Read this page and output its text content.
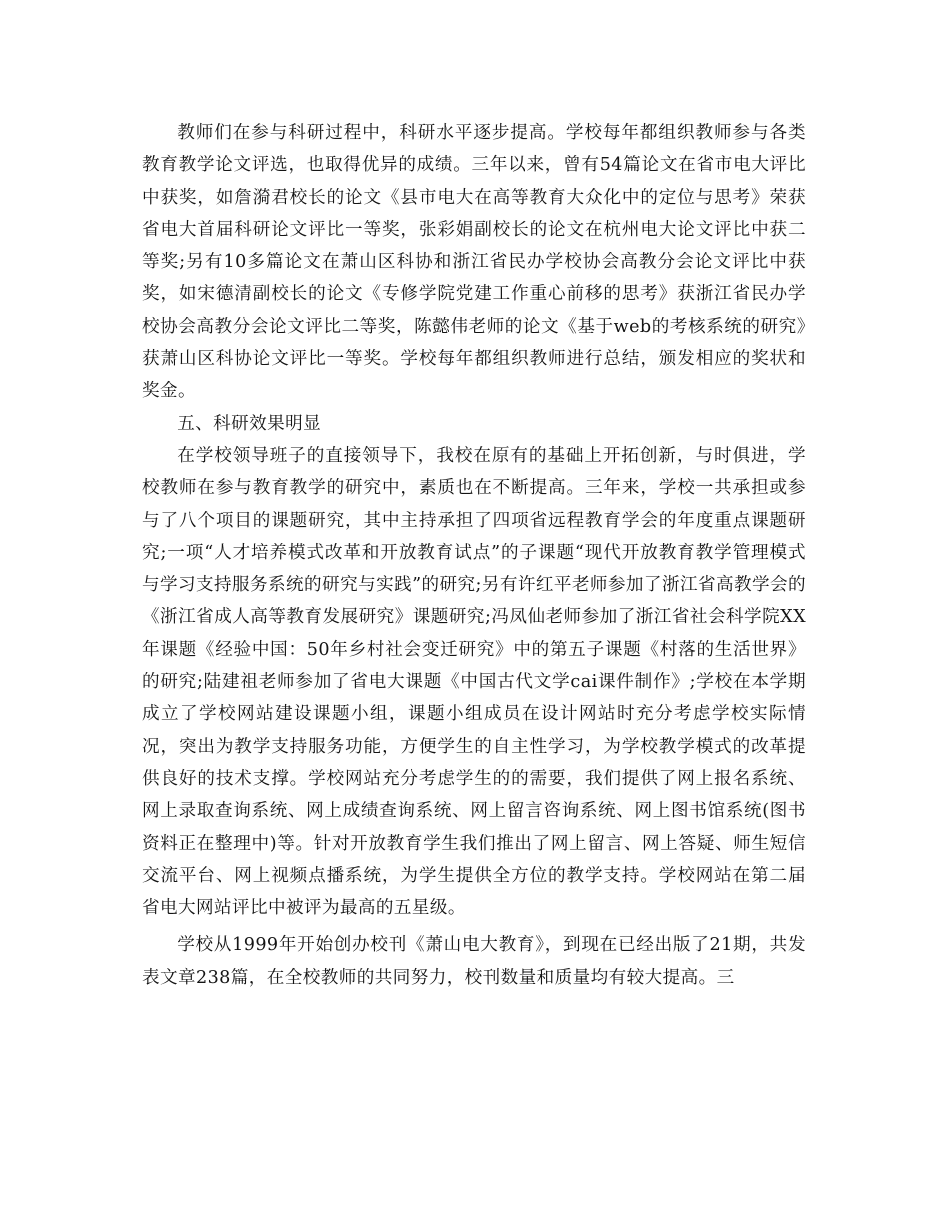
教师们在参与科研过程中，科研水平逐步提高。学校每年都组织教师参与各类教育教学论文评选，也取得优异的成绩。三年以来，曾有54篇论文在省市电大评比中获奖，如詹漪君校长的论文《县市电大在高等教育大众化中的定位与思考》荣获省电大首届科研论文评比一等奖，张彩娟副校长的论文在杭州电大论文评比中获二等奖;另有10多篇论文在萧山区科协和浙江省民办学校协会高教分会论文评比中获奖，如宋德清副校长的论文《专修学院党建工作重心前移的思考》获浙江省民办学校协会高教分会论文评比二等奖，陈懿伟老师的论文《基于web的考核系统的研究》获萧山区科协论文评比一等奖。学校每年都组织教师进行总结，颁发相应的奖状和奖金。

五、科研效果明显

在学校领导班子的直接领导下，我校在原有的基础上开拓创新，与时俱进，学校教师在参与教育教学的研究中，素质也在不断提高。三年来，学校一共承担或参与了八个项目的课题研究，其中主持承担了四项省远程教育学会的年度重点课题研究;一项“人才培养模式改革和开放教育试点”的子课题“现代开放教育教学管理模式与学习支持服务系统的研究与实践”的研究;另有许红平老师参加了浙江省高教学会的《浙江省成人高等教育发展研究》课题研究;冯凤仙老师参加了浙江省社会科学院XX年课题《经验中国：50年乡村社会变迁研究》中的第五子课题《村落的生活世界》的研究;陆建祖老师参加了省电大课题《中国古代文学cai课件制作》;学校在本学期成立了学校网站建设课题小组，课题小组成员在设计网站时充分考虑学校实际情况，突出为教学支持服务功能，方便学生的自主性学习，为学校教学模式的改革提供良好的技术支撑。学校网站充分考虑学生的的需要，我们提供了网上报名系统、网上录取查询系统、网上成绩查询系统、网上留言咨询系统、网上图书馆系统(图书资料正在整理中)等。针对开放教育学生我们推出了网上留言、网上答疑、师生短信交流平台、网上视频点播系统，为学生提供全方位的教学支持。学校网站在第二届省电大网站评比中被评为最高的五星级。

学校从1999年开始创办校刊《萧山电大教育》，到现在已经出版了21期，共发表文章238篇，在全校教师的共同努力，校刊数量和质量均有较大提高。三
